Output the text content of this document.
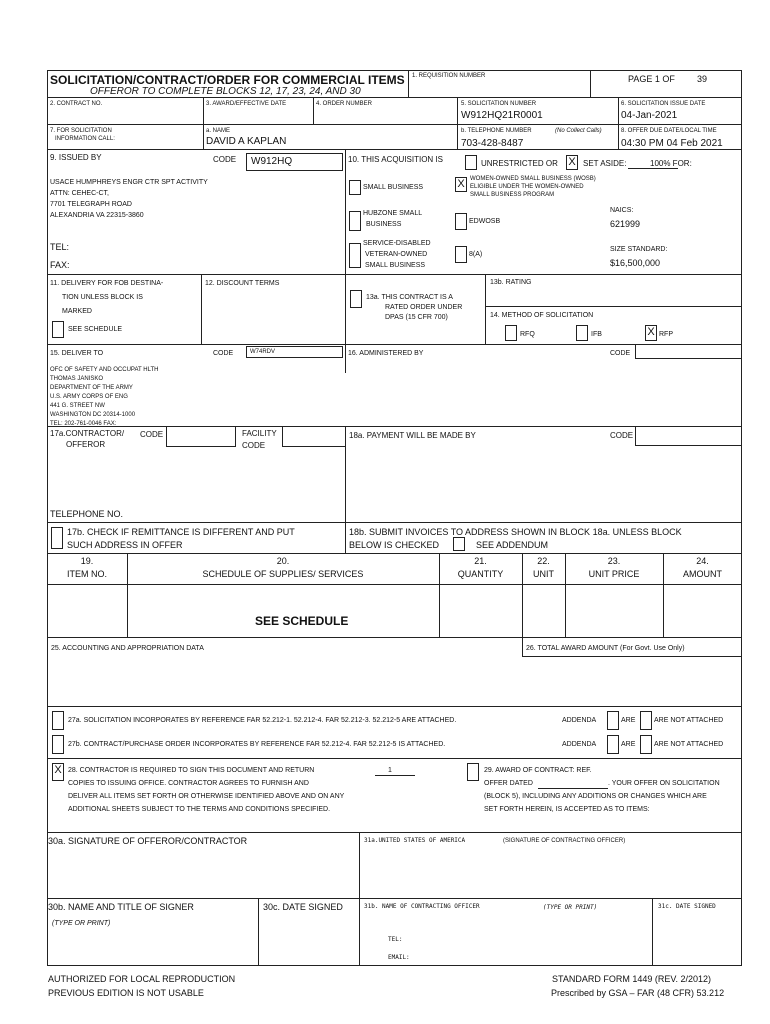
SOLICITATION/CONTRACT/ORDER FOR COMMERCIAL ITEMS
OFFEROR TO COMPLETE BLOCKS 12, 17, 23, 24, AND 30
1. REQUISITION NUMBER	PAGE 1 OF 39
2. CONTRACT NO.	3. AWARD/EFFECTIVE DATE	4. ORDER NUMBER	5. SOLICITATION NUMBER
W912HQ21R0001
6. SOLICITATION ISSUE DATE
04-Jan-2021
7. FOR SOLICITATION
INFORMATION CALL:
a. NAME
DAVID A KAPLAN
b. TELEPHONE NUMBER	(No Collect Calls)
703-428-8487
8. OFFER DUE DATE/LOCAL TIME
04:30 PM 04 Feb 2021
9. ISSUED BY	CODE W912HQ
USACE HUMPHREYS ENGR CTR SPT ACTIVITY
ATTN: CEHEC-CT,
7701 TELEGRAPH ROAD
ALEXANDRIA VA 22315-3860
TEL:
FAX:
10. THIS ACQUISITION IS	UNRESTRICTED OR X SET ASIDE:	100% FOR:
SMALL BUSINESS	X WOMEN-OWNED SMALL BUSINESS (WOSB)
ELIGIBLE UNDER THE WOMEN-OWNED
SMALL BUSINESS PROGRAM
HUBZONE SMALL
BUSINESS	EDWOSB
NAICS:
621999
SERVICE-DISABLED
VETERAN-OWNED
SMALL BUSINESS
8(A)
SIZE STANDARD:
$16,500,000
11. DELIVERY FOR FOB DESTINA-
TION UNLESS BLOCK IS
MARKED
SEE SCHEDULE
12. DISCOUNT TERMS
13a. THIS CONTRACT IS A
RATED ORDER UNDER
DPAS (15 CFR 700)
13b. RATING
14. METHOD OF SOLICITATION
RFQ	IFB	X RFP
15. DELIVER TO	CODE	W74RDV
OFC OF SAFETY AND OCCUPAT HLTH
THOMAS JANISKO
DEPARTMENT OF THE ARMY
U.S. ARMY CORPS OF ENG
441 G. STREET NW
WASHINGTON DC 20314-1000
TEL: 202-761-0046 FAX:
16. ADMINISTERED BY	CODE
17a.CONTRACTOR/
OFFEROR
CODE	FACILITY
CODE
TELEPHONE NO.
17b. CHECK IF REMITTANCE IS DIFFERENT AND PUT
SUCH ADDRESS IN OFFER
18a. PAYMENT WILL BE MADE BY	CODE
18b. SUBMIT INVOICES TO ADDRESS SHOWN IN BLOCK 18a. UNLESS BLOCK
BELOW IS CHECKED	SEE ADDENDUM
19.
ITEM NO.
20.
SCHEDULE OF SUPPLIES/ SERVICES
21.
QUANTITY
22.
UNIT
23.
UNIT PRICE
24.
AMOUNT
SEE SCHEDULE
25. ACCOUNTING AND APPROPRIATION DATA	26. TOTAL AWARD AMOUNT (For Govt. Use Only)
27a. SOLICITATION INCORPORATES BY REFERENCE FAR 52.212-1. 52.212-4. FAR 52.212-3. 52.212-5 ARE ATTACHED.	ADDENDA	ARE	ARE NOT ATTACHED
27b. CONTRACT/PURCHASE ORDER INCORPORATES BY REFERENCE FAR 52.212-4. FAR 52.212-5 IS ATTACHED.	ADDENDA	ARE	ARE NOT ATTACHED
X 28. CONTRACTOR IS REQUIRED TO SIGN THIS DOCUMENT AND RETURN	1
COPIES TO ISSUING OFFICE. CONTRACTOR AGREES TO FURNISH AND
DELIVER ALL ITEMS SET FORTH OR OTHERWISE IDENTIFIED ABOVE AND ON ANY
ADDITIONAL SHEETS SUBJECT TO THE TERMS AND CONDITIONS SPECIFIED.
29. AWARD OF CONTRACT: REF.
OFFER DATED	. YOUR OFFER ON SOLICITATION
(BLOCK 5), INCLUDING ANY ADDITIONS OR CHANGES WHICH ARE
SET FORTH HEREIN, IS ACCEPTED AS TO ITEMS:
30a. SIGNATURE OF OFFEROR/CONTRACTOR	31a.UNITED STATES OF AMERICA	(SIGNATURE OF CONTRACTING OFFICER)
30b. NAME AND TITLE OF SIGNER
(TYPE OR PRINT)
30c. DATE SIGNED	31b. NAME OF CONTRACTING OFFICER	(TYPE OR PRINT)	31c. DATE SIGNED
TEL:
EMAIL:
AUTHORIZED FOR LOCAL REPRODUCTION
PREVIOUS EDITION IS NOT USABLE
STANDARD FORM 1449 (REV. 2/2012)
Prescribed by GSA – FAR (48 CFR) 53.212
